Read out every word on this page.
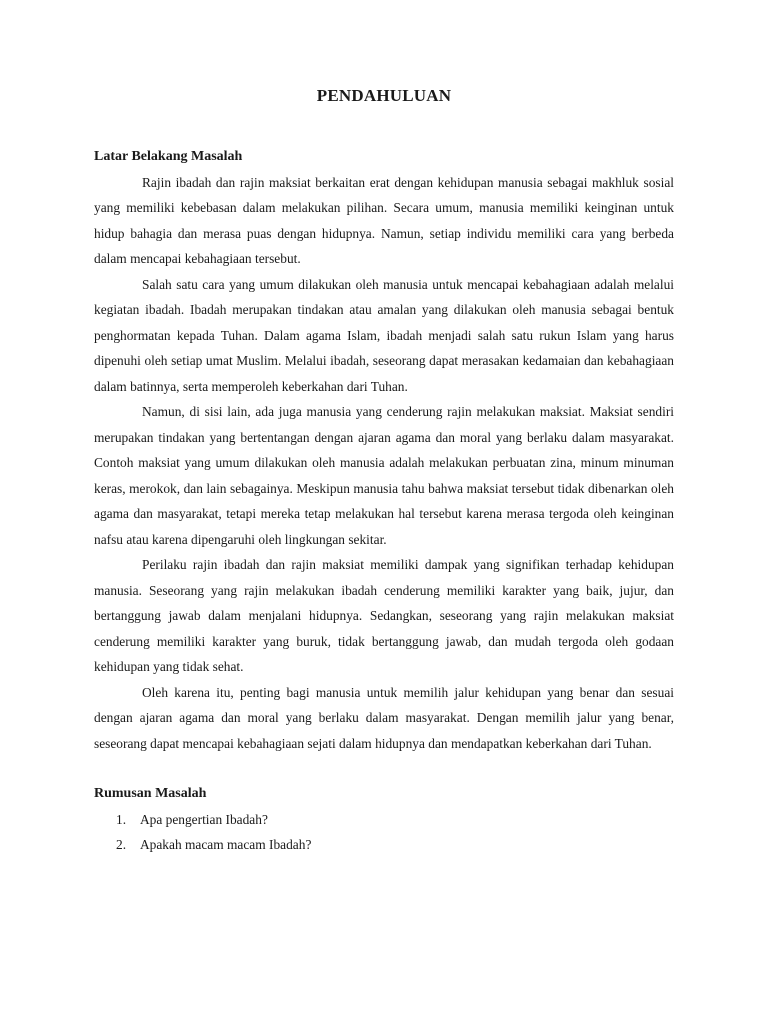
PENDAHULUAN
Latar Belakang Masalah

Rajin ibadah dan rajin maksiat berkaitan erat dengan kehidupan manusia sebagai makhluk sosial yang memiliki kebebasan dalam melakukan pilihan. Secara umum, manusia memiliki keinginan untuk hidup bahagia dan merasa puas dengan hidupnya. Namun, setiap individu memiliki cara yang berbeda dalam mencapai kebahagiaan tersebut.

Salah satu cara yang umum dilakukan oleh manusia untuk mencapai kebahagiaan adalah melalui kegiatan ibadah. Ibadah merupakan tindakan atau amalan yang dilakukan oleh manusia sebagai bentuk penghormatan kepada Tuhan. Dalam agama Islam, ibadah menjadi salah satu rukun Islam yang harus dipenuhi oleh setiap umat Muslim. Melalui ibadah, seseorang dapat merasakan kedamaian dan kebahagiaan dalam batinnya, serta memperoleh keberkahan dari Tuhan.

Namun, di sisi lain, ada juga manusia yang cenderung rajin melakukan maksiat. Maksiat sendiri merupakan tindakan yang bertentangan dengan ajaran agama dan moral yang berlaku dalam masyarakat. Contoh maksiat yang umum dilakukan oleh manusia adalah melakukan perbuatan zina, minum minuman keras, merokok, dan lain sebagainya. Meskipun manusia tahu bahwa maksiat tersebut tidak dibenarkan oleh agama dan masyarakat, tetapi mereka tetap melakukan hal tersebut karena merasa tergoda oleh keinginan nafsu atau karena dipengaruhi oleh lingkungan sekitar.

Perilaku rajin ibadah dan rajin maksiat memiliki dampak yang signifikan terhadap kehidupan manusia. Seseorang yang rajin melakukan ibadah cenderung memiliki karakter yang baik, jujur, dan bertanggung jawab dalam menjalani hidupnya. Sedangkan, seseorang yang rajin melakukan maksiat cenderung memiliki karakter yang buruk, tidak bertanggung jawab, dan mudah tergoda oleh godaan kehidupan yang tidak sehat.

Oleh karena itu, penting bagi manusia untuk memilih jalur kehidupan yang benar dan sesuai dengan ajaran agama dan moral yang berlaku dalam masyarakat. Dengan memilih jalur yang benar, seseorang dapat mencapai kebahagiaan sejati dalam hidupnya dan mendapatkan keberkahan dari Tuhan.

Rumusan Masalah
1. Apa pengertian Ibadah?
2. Apakah macam macam Ibadah?
